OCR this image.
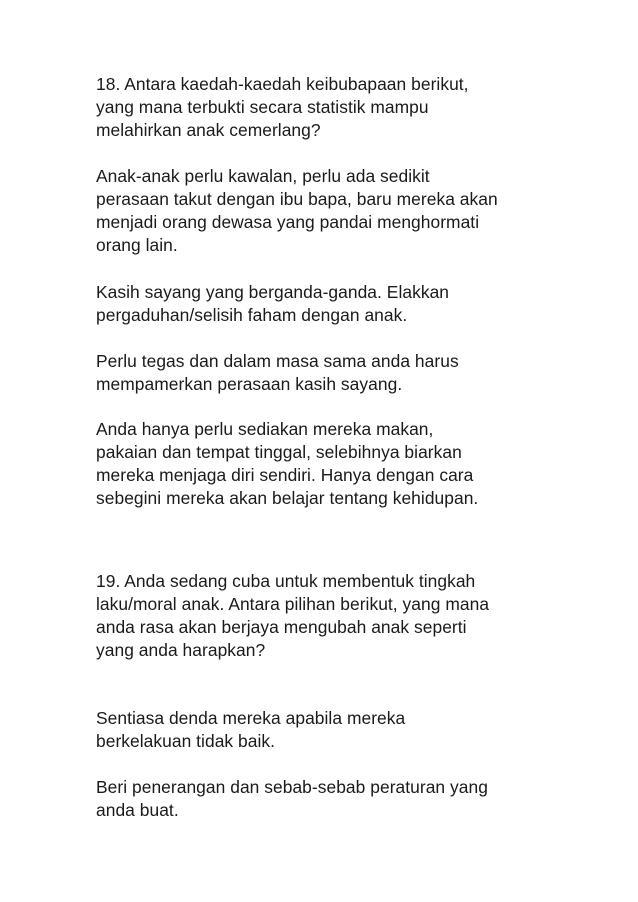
18. Antara kaedah-kaedah keibubapaan berikut,
yang mana terbukti secara statistik mampu
melahirkan anak cemerlang?
Anak-anak perlu kawalan, perlu ada sedikit
perasaan takut dengan ibu bapa, baru mereka akan
menjadi orang dewasa yang pandai menghormati
orang lain.
Kasih sayang yang berganda-ganda. Elakkan
pergaduhan/selisih faham dengan anak.
Perlu tegas dan dalam masa sama anda harus
mempamerkan perasaan kasih sayang.
Anda hanya perlu sediakan mereka makan,
pakaian dan tempat tinggal, selebihnya biarkan
mereka menjaga diri sendiri. Hanya dengan cara
sebegini mereka akan belajar tentang kehidupan.
19. Anda sedang cuba untuk membentuk tingkah
laku/moral anak. Antara pilihan berikut, yang mana
anda rasa akan berjaya mengubah anak seperti
yang anda harapkan?
Sentiasa denda mereka apabila mereka
berkelakuan tidak baik.
Beri penerangan dan sebab-sebab peraturan yang
anda buat.
